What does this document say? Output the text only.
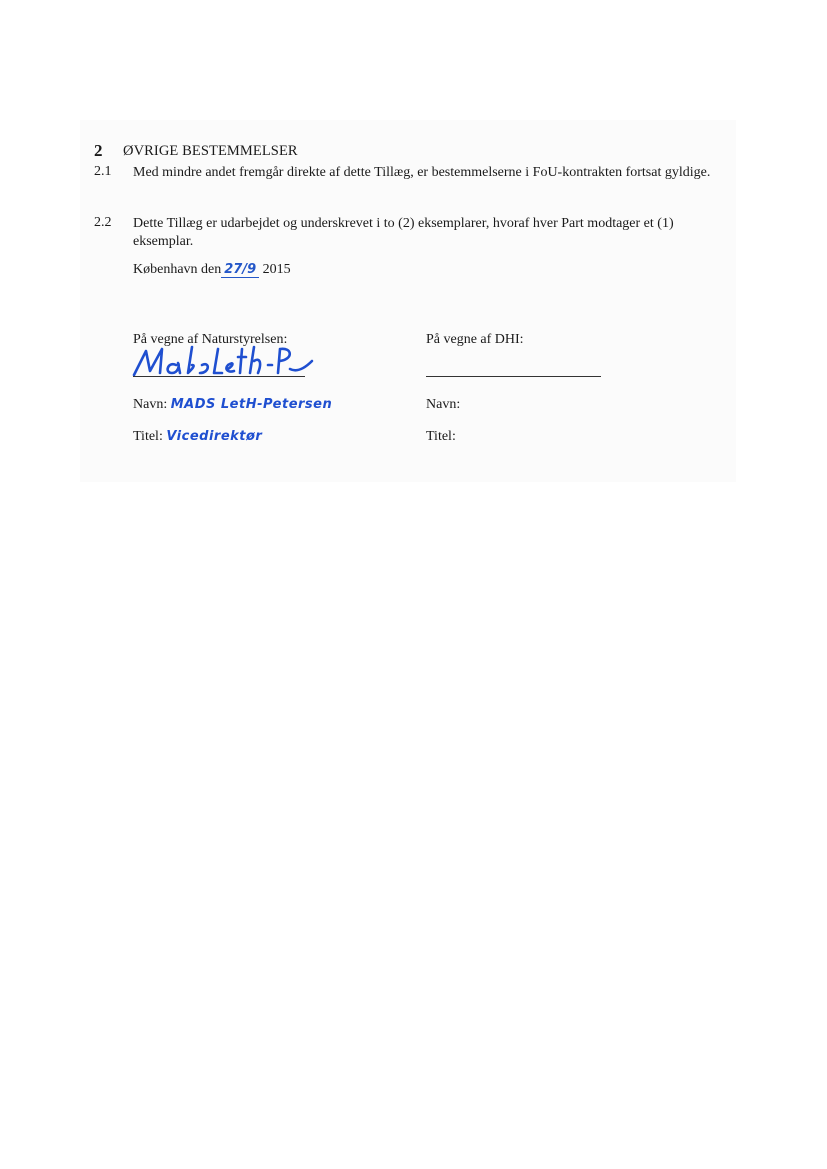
2 ØVRIGE BESTEMMELSER
2.1 Med mindre andet fremgår direkte af dette Tillæg, er bestemmelserne i FoU-kontrakten fortsat gyldige.
2.2 Dette Tillæg er udarbejdet og underskrevet i to (2) eksemplarer, hvoraf hver Part modtager et (1) eksemplar.
København den 27/9 2015
På vegne af Naturstyrelsen:
Navn: MADS LetH-Petersen
Titel: Vicedirektør
På vegne af DHI:
Navn:
Titel:
